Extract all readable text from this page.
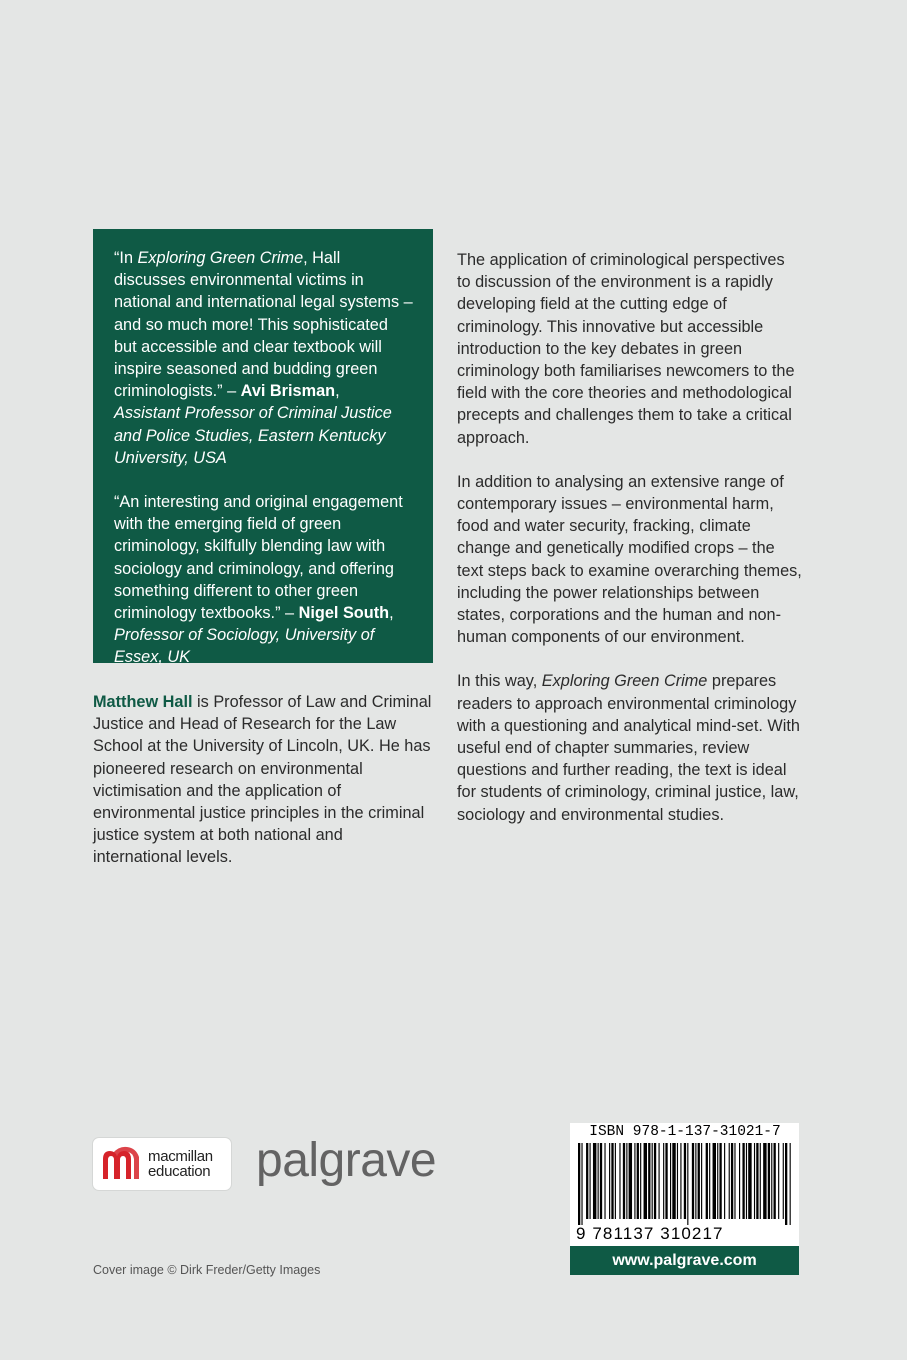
“In Exploring Green Crime, Hall discusses environmental victims in national and international legal systems – and so much more! This sophisticated but accessible and clear textbook will inspire seasoned and budding green criminologists.” – Avi Brisman,
Assistant Professor of Criminal Justice and Police Studies, Eastern Kentucky University, USA

“An interesting and original engagement with the emerging field of green criminology, skilfully blending law with sociology and criminology, and offering something different to other green criminology textbooks.” – Nigel South,
Professor of Sociology, University of Essex, UK

Matthew Hall is Professor of Law and Criminal Justice and Head of Research for the Law School at the University of Lincoln, UK. He has pioneered research on environmental victimisation and the application of environmental justice principles in the criminal justice system at both national and international levels.

The application of criminological perspectives to discussion of the environment is a rapidly developing field at the cutting edge of criminology. This innovative but accessible introduction to the key debates in green criminology both familiarises newcomers to the field with the core theories and methodological precepts and challenges them to take a critical approach.

In addition to analysing an extensive range of contemporary issues – environmental harm, food and water security, fracking, climate change and genetically modified crops – the text steps back to examine overarching themes, including the power relationships between states, corporations and the human and non-human components of our environment.

In this way, Exploring Green Crime prepares readers to approach environmental criminology with a questioning and analytical mind-set. With useful end of chapter summaries, review questions and further reading, the text is ideal for students of criminology, criminal justice, law, sociology and environmental studies.

macmillan
education palgrave
Cover image © Dirk Freder/Getty Images
ISBN 978-1-137-31021-7
9 781137 310217
www.palgrave.com
